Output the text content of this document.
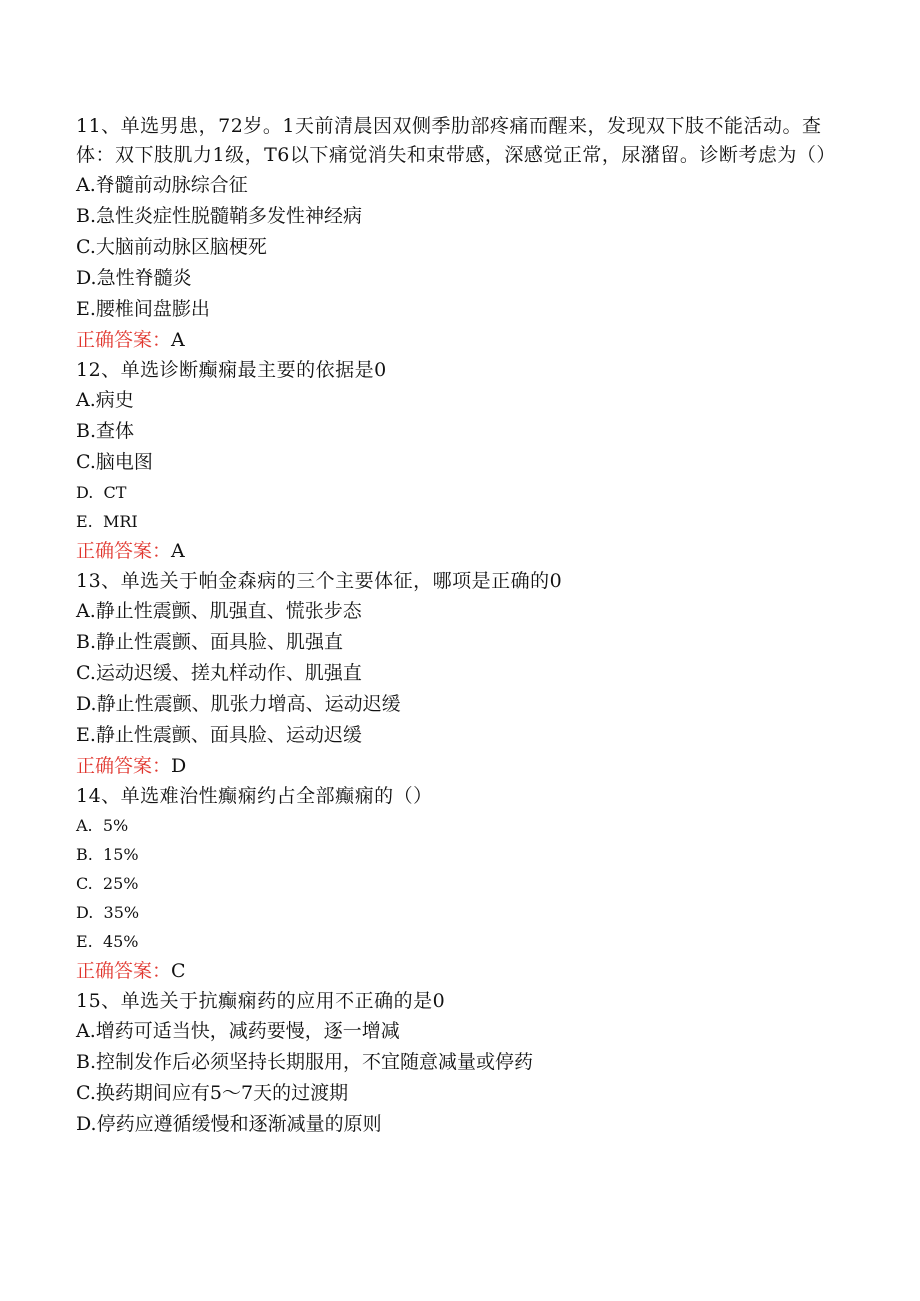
11、单选男患，72岁。1天前清晨因双侧季肋部疼痛而醒来，发现双下肢不能活动。查体：双下肢肌力1级，T6以下痛觉消失和束带感，深感觉正常，尿潴留。诊断考虑为（）

A.脊髓前动脉综合征

B.急性炎症性脱髓鞘多发性神经病

C.大脑前动脉区脑梗死

D.急性脊髓炎

E.腰椎间盘膨出

正确答案：A

12、单选诊断癫痫最主要的依据是0

A.病史

B.查体

C.脑电图

D.  CT

E.  MRI

正确答案：A

13、单选关于帕金森病的三个主要体征，哪项是正确的0

A.静止性震颤、肌强直、慌张步态

B.静止性震颤、面具脸、肌强直

C.运动迟缓、搓丸样动作、肌强直

D.静止性震颤、肌张力增高、运动迟缓

E.静止性震颤、面具脸、运动迟缓

正确答案：D

14、单选难治性癫痫约占全部癫痫的（）

A.  5%

B.  15%

C.  25%

D.  35%

E.  45%

正确答案：C

15、单选关于抗癫痫药的应用不正确的是0

A.增药可适当快，减药要慢，逐一增减

B.控制发作后必须坚持长期服用，不宜随意减量或停药

C.换药期间应有5～7天的过渡期

D.停药应遵循缓慢和逐渐减量的原则
